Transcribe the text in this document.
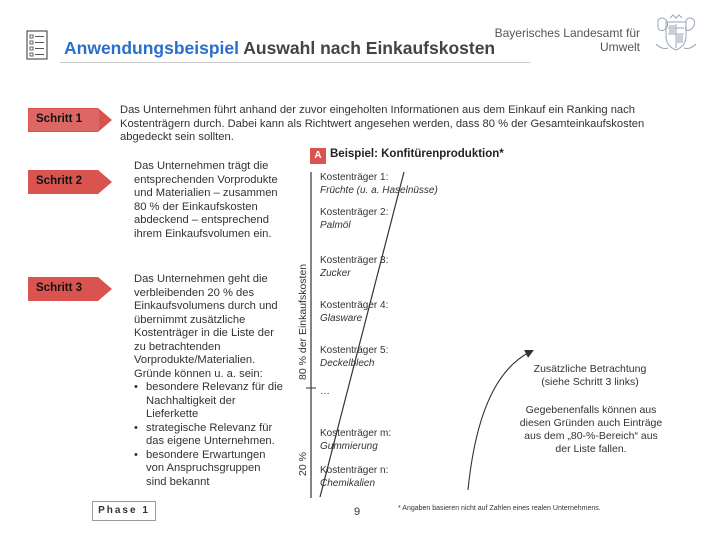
Anwendungsbeispiel Auswahl nach Einkaufskosten
Bayerisches Landesamt für Umwelt
Schritt 1
Das Unternehmen führt anhand der zuvor eingeholten Informationen aus dem Einkauf ein Ranking nach Kostenträgern durch. Dabei kann als Richtwert angesehen werden, dass 80 % der Gesamteinkaufskosten abgedeckt sein sollten.
A Beispiel: Konfitürenproduktion*
Schritt 2
Das Unternehmen trägt die entsprechenden Vorprodukte und Materialien – zusammen 80 % der Einkaufskosten abdeckend – entsprechend ihrem Einkaufsvolumen ein.
Schritt 3
Das Unternehmen geht die verbleibenden 20 % des Einkaufsvolumens durch und übernimmt zusätzliche Kostenträger in die Liste der zu betrachtenden Vorprodukte/Materialien. Gründe können u. a. sein:
• besondere Relevanz für die Nachhaltigkeit der Lieferkette
• strategische Relevanz für das eigene Unternehmen.
• besondere Erwartungen von Anspruchsgruppen sind bekannt
80 % der Einkaufskosten
20 %
Kostenträger 1:
Früchte (u. a. Haselnüsse)
Kostenträger 2:
Palmöl
Kostenträger 3:
Zucker
Kostenträger 4:
Glasware
Kostenträger 5:
Deckelblech
…
Kostenträger m:
Gummierung
Kostenträger n:
Chemikalien
Zusätzliche Betrachtung (siehe Schritt 3 links)
Gegebenenfalls können aus diesen Gründen auch Einträge aus dem „80-%-Bereich“ aus der Liste fallen.
Phase 1	9	* Angaben basieren nicht auf Zahlen eines realen Unternehmens.
